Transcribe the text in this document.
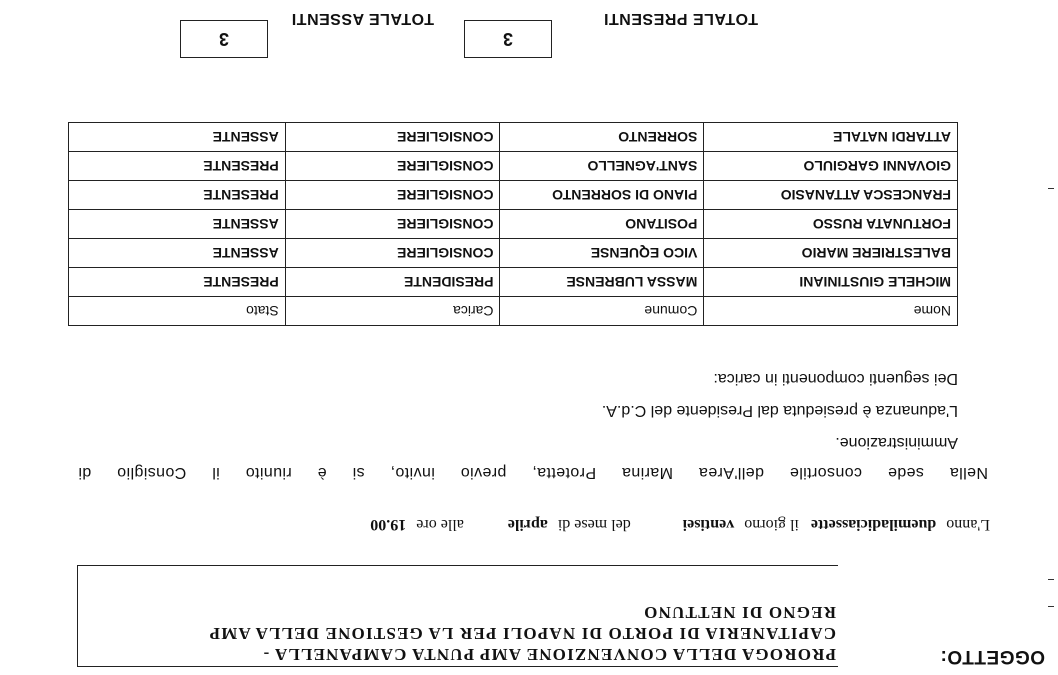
OGGETTO:
PROROGA DELLA CONVENZIONE AMP PUNTA CAMPANELLA -
CAPITANERIA DI PORTO DI NAPOLI PER LA GESTIONE DELLA AMP
REGNO DI NETTUNO
L'anno duemiladiciassette il giorno ventisei del mese di aprile alle ore 19.00
Nella sede consortile dell'Area Marina Protetta, previo invito, si è riunito il Consiglio di
Amministrazione.
L'adunanza è presieduta dal Presidente del C.d.A.
Dei seguenti componenti in carica:
Nome	Comune	Carica	Stato
MICHELE GIUSTINIANI	MASSA LUBRENSE	PRESIDENTE	PRESENTE
BALESTRIERE MARIO	VICO EQUENSE	CONSIGLIERE	ASSENTE
FORTUNATA RUSSO	POSITANO	CONSIGLIERE	ASSENTE
FRANCESCA ATTANASIO	PIANO DI SORRENTO	CONSIGLIERE	PRESENTE
GIOVANNI GARGIULO	SANT'AGNELLO	CONSIGLIERE	PRESENTE
ATTARDI NATALE	SORRENTO	CONSIGLIERE	ASSENTE
TOTALE PRESENTI
3
TOTALE ASSENTI
3
